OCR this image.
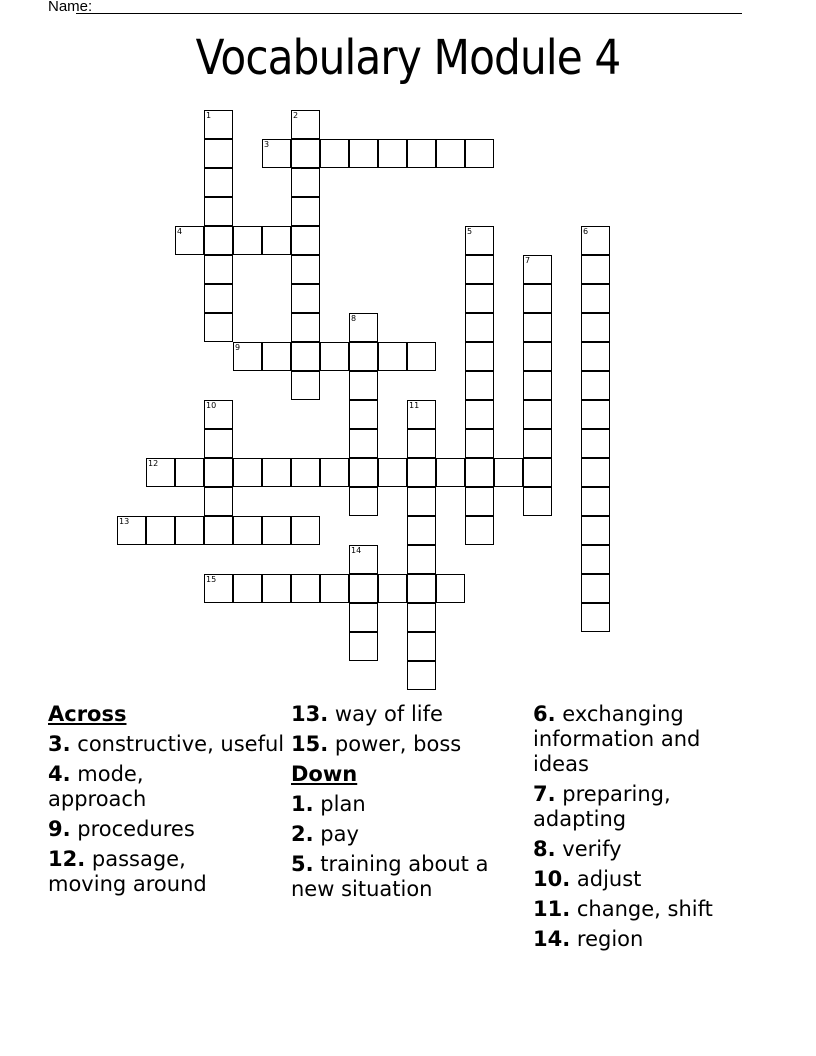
Name:
Vocabulary Module 4
1	2
3
4	5	6
7
8
9
10	11
12
13
14
15
Across
3. constructive, useful
4. mode, approach
9. procedures
12. passage, moving around
13. way of life
15. power, boss
Down
1. plan
2. pay
5. training about a new situation
6. exchanging information and ideas
7. preparing, adapting
8. verify
10. adjust
11. change, shift
14. region
